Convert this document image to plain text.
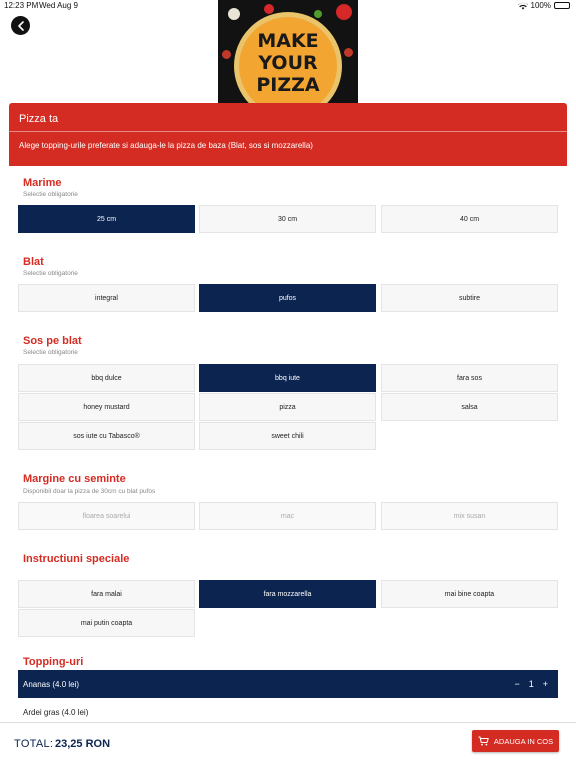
12:23 PM Wed Aug 9	100%
MAKE
YOUR
PIZZA
Pizza ta
Alege topping-urile preferate si adauga-le la pizza de baza (Blat, sos si mozzarella)
Marime
Selectie obligatorie
25 cm	30 cm	40 cm
Blat
Selectie obligatorie
integral	pufos	subtire
Sos pe blat
Selectie obligatorie
bbq dulce	bbq iute	fara sos
honey mustard	pizza	salsa
sos iute cu Tabasco®	sweet chili
Margine cu seminte
Disponibil doar la pizza de 30cm cu blat pufos
floarea soarelui	mac	mix susan
Instructiuni speciale
fara malai	fara mozzarella	mai bine coapta
mai putin coapta
Topping-uri
Ananas (4.0 lei)	− 1 +
Ardei gras (4.0 lei)
TOTAL: 23,25 RON	ADAUGA IN COS
